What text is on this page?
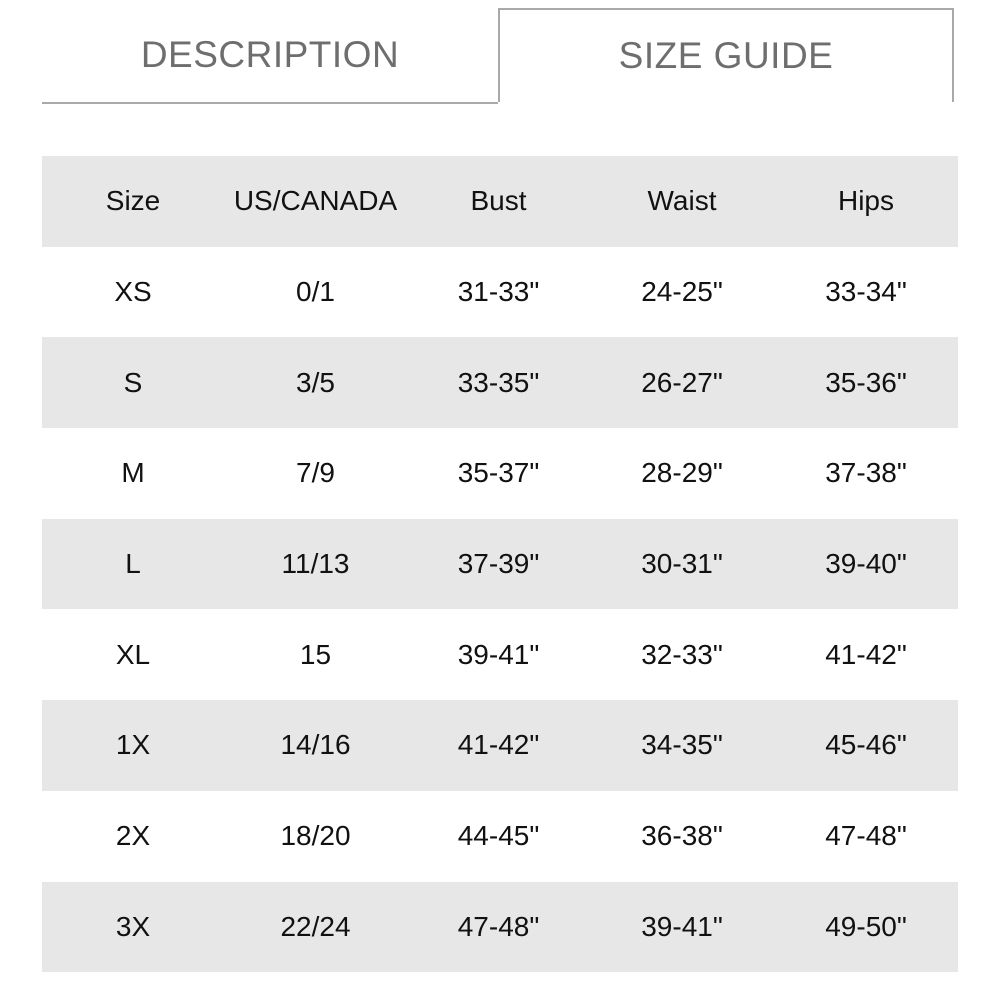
DESCRIPTION	SIZE GUIDE
Size	US/CANADA	Bust	Waist	Hips
XS	0/1	31-33"	24-25"	33-34"
S	3/5	33-35"	26-27"	35-36"
M	7/9	35-37"	28-29"	37-38"
L	11/13	37-39"	30-31"	39-40"
XL	15	39-41"	32-33"	41-42"
1X	14/16	41-42"	34-35"	45-46"
2X	18/20	44-45"	36-38"	47-48"
3X	22/24	47-48"	39-41"	49-50"
